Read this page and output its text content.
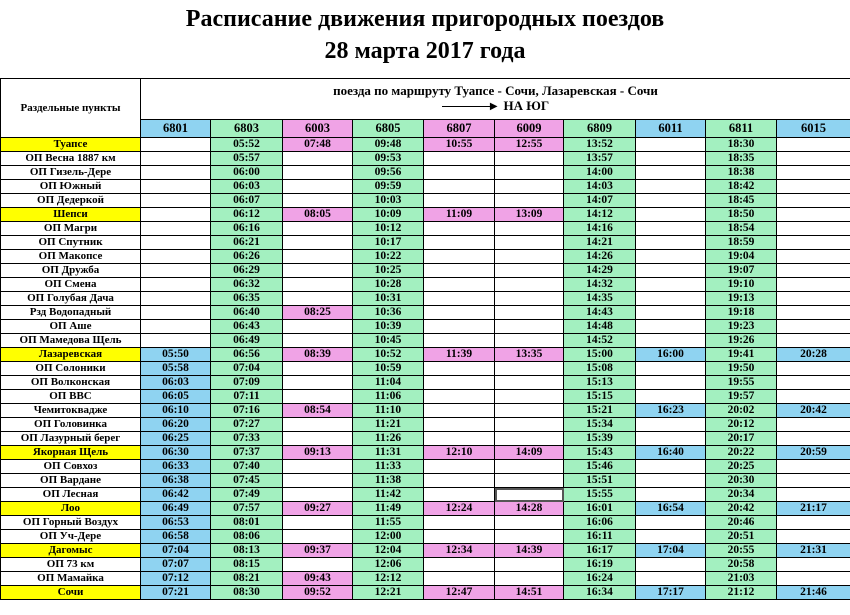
Расписание движения пригородных поездов
28 марта 2017 года
Раздельные пункты	поезда по маршруту Туапсе - Сочи, Лазаревская - Сочи
▶ НА ЮГ									

	6801	6803	6003	6805	6807	6009	6809	6011	6811	6015
Туапсе		05:52	07:48	09:48	10:55	12:55	13:52		18:30	
ОП Весна 1887 км		05:57		09:53			13:57		18:35	
ОП Гизель-Дере		06:00		09:56			14:00		18:38	
ОП Южный		06:03		09:59			14:03		18:42	
ОП Дедеркой		06:07		10:03			14:07		18:45	
Шепси		06:12	08:05	10:09	11:09	13:09	14:12		18:50	
ОП Магри		06:16		10:12			14:16		18:54	
ОП Спутник		06:21		10:17			14:21		18:59	
ОП Макопсе		06:26		10:22			14:26		19:04	
ОП Дружба		06:29		10:25			14:29		19:07	
ОП Смена		06:32		10:28			14:32		19:10	
ОП Голубая Дача		06:35		10:31			14:35		19:13	
Рзд Водопадный		06:40	08:25	10:36			14:43		19:18	
ОП Аше		06:43		10:39			14:48		19:23	
ОП Мамедова Щель		06:49		10:45			14:52		19:26	
Лазаревская	05:50	06:56	08:39	10:52	11:39	13:35	15:00	16:00	19:41	20:28
ОП Солоники	05:58	07:04		10:59			15:08		19:50	
ОП Волконская	06:03	07:09		11:04			15:13		19:55	
ОП ВВС	06:05	07:11		11:06			15:15		19:57	
Чемитоквадже	06:10	07:16	08:54	11:10			15:21	16:23	20:02	20:42
ОП Головинка	06:20	07:27		11:21			15:34		20:12	
ОП Лазурный берег	06:25	07:33		11:26			15:39		20:17	
Якорная Щель	06:30	07:37	09:13	11:31	12:10	14:09	15:43	16:40	20:22	20:59
ОП Совхоз	06:33	07:40		11:33			15:46		20:25	
ОП Вардане	06:38	07:45		11:38			15:51		20:30	
ОП Лесная	06:42	07:49		11:42			15:55		20:34	
Лоо	06:49	07:57	09:27	11:49	12:24	14:28	16:01	16:54	20:42	21:17
ОП Горный Воздух	06:53	08:01		11:55			16:06		20:46	
ОП Уч-Дере	06:58	08:06		12:00			16:11		20:51	
Дагомыс	07:04	08:13	09:37	12:04	12:34	14:39	16:17	17:04	20:55	21:31
ОП 73 км	07:07	08:15		12:06			16:19		20:58	
ОП Мамайка	07:12	08:21	09:43	12:12			16:24		21:03	
Сочи	07:21	08:30	09:52	12:21	12:47	14:51	16:34	17:17	21:12	21:46
